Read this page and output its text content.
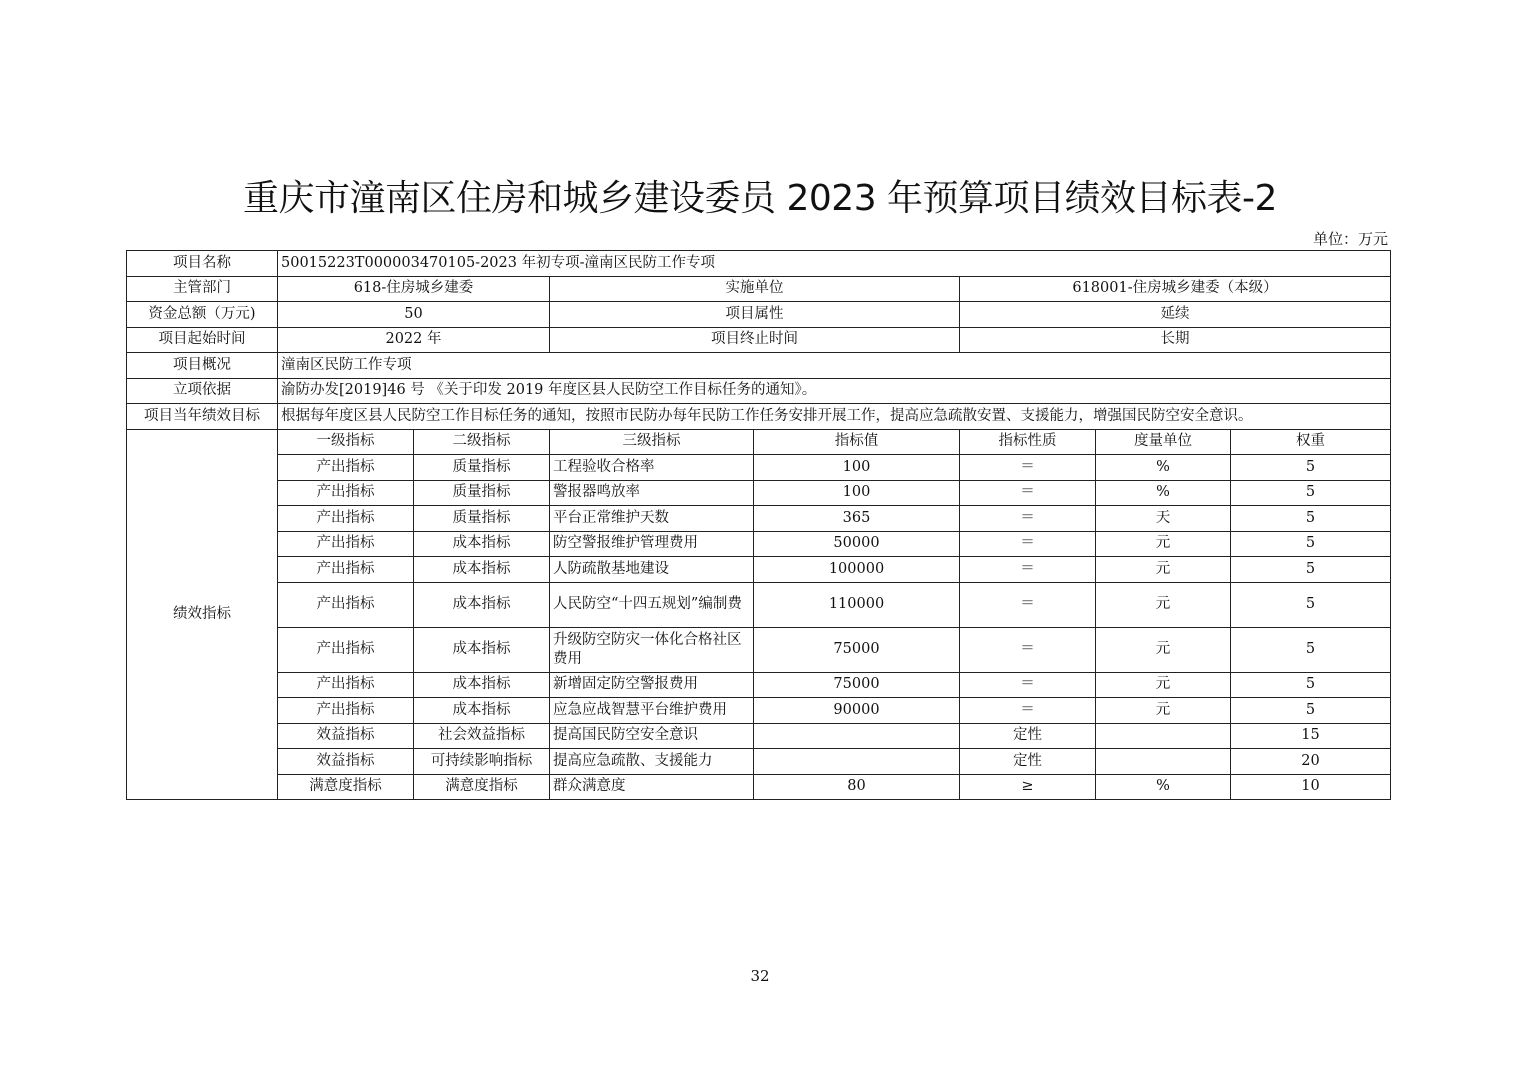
重庆市潼南区住房和城乡建设委员 2023 年预算项目绩效目标表-2
单位：万元
项目名称	50015223T000003470105-2023 年初专项-潼南区民防工作专项						
主管部门	618-住房城乡建委		实施单位		618001-住房城乡建委（本级）		
资金总额（万元)	50		项目属性		延续		
项目起始时间	2022 年		项目终止时间		长期		
项目概况	潼南区民防工作专项						
立项依据	渝防办发[2019]46 号 《关于印发 2019 年度区县人民防空工作目标任务的通知》。						
项目当年绩效目标	根据每年度区县人民防空工作目标任务的通知，按照市民防办每年民防工作任务安排开展工作，提高应急疏散安置、支援能力，增强国民防空安全意识。						
绩效指标	一级指标	二级指标	三级指标	指标值	指标性质	度量单位	权重
	产出指标	质量指标	工程验收合格率	100	＝	%	5
	产出指标	质量指标	警报器鸣放率	100	＝	%	5
	产出指标	质量指标	平台正常维护天数	365	＝	天	5
	产出指标	成本指标	防空警报维护管理费用	50000	＝	元	5
	产出指标	成本指标	人防疏散基地建设	100000	＝	元	5
	产出指标	成本指标	人民防空“十四五规划”编制费	110000	＝	元	5
	产出指标	成本指标	升级防空防灾一体化合格社区费用	75000	＝	元	5
	产出指标	成本指标	新增固定防空警报费用	75000	＝	元	5
	产出指标	成本指标	应急应战智慧平台维护费用	90000	＝	元	5
	效益指标	社会效益指标	提高国民防空安全意识		定性		15
	效益指标	可持续影响指标	提高应急疏散、支援能力		定性		20
	满意度指标	满意度指标	群众满意度	80	≥	%	10
32
